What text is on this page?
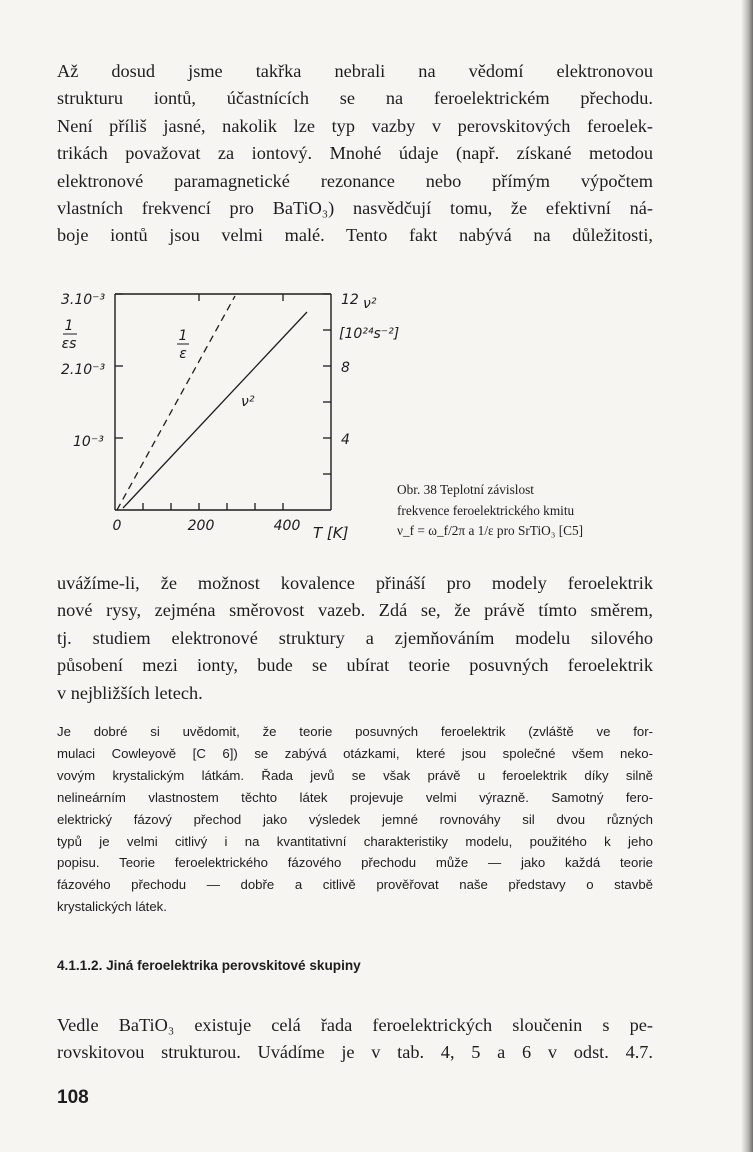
Až dosud jsme takřka nebrali na vědomí elektronovou
strukturu iontů, účastnících se na feroelektrickém přechodu.
Není příliš jasné, nakolik lze typ vazby v perovskitových feroelek-
trikách považovat za iontový. Mnohé údaje (např. získané metodou
elektronové paramagnetické rezonance nebo přímým výpočtem
vlastních frekvencí pro BaTiO₃) nasvědčují tomu, že efektivní ná-
boje iontů jsou velmi malé. Tento fakt nabývá na důležitosti,
1
ε
ν²
3.10⁻³
1
εs
2.10⁻³
10⁻³
12 ν²
[10²⁴s⁻²]
8
4
0	200	400 T [K]
Obr. 38 Teplotní závislost
frekvence feroelektrického kmitu
ν_f = ω_f/2π a 1/ε pro SrTiO₃ [C5]
uvážíme-li, že možnost kovalence přináší pro modely feroelektrik
nové rysy, zejména směrovost vazeb. Zdá se, že právě tímto směrem,
tj. studiem elektronové struktury a zjemňováním modelu silového
působení mezi ionty, bude se ubírat teorie posuvných feroelektrik
v nejbližších letech.
Je dobré si uvědomit, že teorie posuvných feroelektrik (zvláště ve for-
mulaci Cowleyově [C 6]) se zabývá otázkami, které jsou společné všem neko-
vovým krystalickým látkám. Řada jevů se však právě u feroelektrik díky silně
nelineárním vlastnostem těchto látek projevuje velmi výrazně. Samotný fero-
elektrický fázový přechod jako výsledek jemné rovnováhy sil dvou různých
typů je velmi citlivý i na kvantitativní charakteristiky modelu, použitého k jeho
popisu. Teorie feroelektrického fázového přechodu může — jako každá teorie
fázového přechodu — dobře a citlivě prověřovat naše představy o stavbě
krystalických látek.
4.1.1.2. Jiná feroelektrika perovskitové skupiny
Vedle BaTiO₃ existuje celá řada feroelektrických sloučenin s pe-
rovskitovou strukturou. Uvádíme je v tab. 4, 5 a 6 v odst. 4.7.
108
